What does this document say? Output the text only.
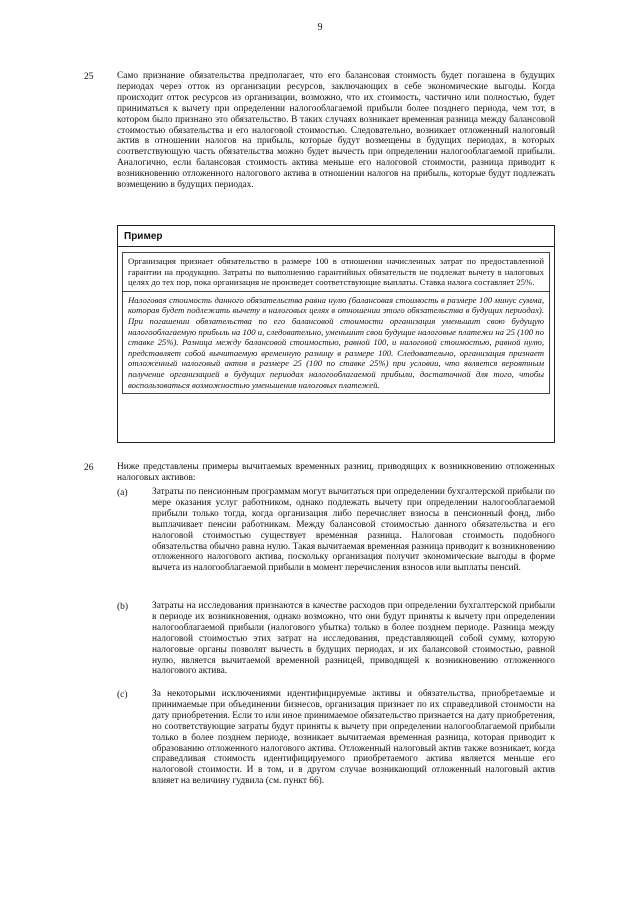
9
25	Само признание обязательства предполагает, что его балансовая стоимость будет погашена в будущих периодах через отток из организации ресурсов, заключающих в себе экономические выгоды. Когда происходит отток ресурсов из организации, возможно, что их стоимость, частично или полностью, будет приниматься к вычету при определении налогооблагаемой прибыли более позднего периода, чем тот, в котором было признано это обязательство. В таких случаях возникает временная разница между балансовой стоимостью обязательства и его налоговой стоимостью. Следовательно, возникает отложенный налоговый актив в отношении налогов на прибыль, которые будут возмещены в будущих периодах, в которых соответствующую часть обязательства можно будет вычесть при определении налогооблагаемой прибыли. Аналогично, если балансовая стоимость актива меньше его налоговой стоимости, разница приводит к возникновению отложенного налогового актива в отношении налогов на прибыль, которые будут подлежать возмещению в будущих периодах.
Пример

Организация признает обязательство в размере 100 в отношении начисленных затрат по предоставленной гарантии на продукцию. Затраты по выполнению гарантийных обязательств не подлежат вычету в налоговых целях до тех пор, пока организация не произведет соответствующие выплаты. Ставка налога составляет 25%.

Налоговая стоимость данного обязательства равна нулю (балансовая стоимость в размере 100 минус сумма, которая будет подлежать вычету в налоговых целях в отношении этого обязательства в будущих периодах). При погашении обязательства по его балансовой стоимости организация уменьшит свою будущую налогооблагаемую прибыль на 100 и, следовательно, уменьшит свои будущие налоговые платежи на 25 (100 по ставке 25%). Разница между балансовой стоимостью, равной 100, и налоговой стоимостью, равной нулю, представляет собой вычитаемую временную разницу в размере 100. Следовательно, организация признает отложенный налоговый актив в размере 25 (100 по ставке 25%) при условии, что является вероятным получение организацией в будущих периодах налогооблагаемой прибыли, достаточной для того, чтобы воспользоваться возможностью уменьшения налоговых платежей.

26	Ниже представлены примеры вычитаемых временных разниц, приводящих к возникновению отложенных налоговых активов:
(a)	Затраты по пенсионным программам могут вычитаться при определении бухгалтерской прибыли по мере оказания услуг работником, однако подлежать вычету при определении налогооблагаемой прибыли только тогда, когда организация либо перечисляет взносы в пенсионный фонд, либо выплачивает пенсии работникам. Между балансовой стоимостью данного обязательства и его налоговой стоимостью существует временная разница. Налоговая стоимость подобного обязательства обычно равна нулю. Такая вычитаемая временная разница приводит к возникновению отложенного налогового актива, поскольку организация получит экономические выгоды в форме вычета из налогооблагаемой прибыли в момент перечисления взносов или выплаты пенсий.
(b)	Затраты на исследования признаются в качестве расходов при определении бухгалтерской прибыли в периоде их возникновения, однако возможно, что они будут приняты к вычету при определении налогооблагаемой прибыли (налогового убытка) только в более позднем периоде. Разница между налоговой стоимостью этих затрат на исследования, представляющей собой сумму, которую налоговые органы позволят вычесть в будущих периодах, и их балансовой стоимостью, равной нулю, является вычитаемой временной разницей, приводящей к возникновению отложенного налогового актива.
(c)	За некоторыми исключениями идентифицируемые активы и обязательства, приобретаемые и принимаемые при объединении бизнесов, организация признает по их справедливой стоимости на дату приобретения. Если то или иное принимаемое обязательство признается на дату приобретения, но соответствующие затраты будут приняты к вычету при определении налогооблагаемой прибыли только в более позднем периоде, возникает вычитаемая временная разница, которая приводит к образованию отложенного налогового актива. Отложенный налоговый актив также возникает, когда справедливая стоимость идентифицируемого приобретаемого актива является меньше его налоговой стоимости. И в том, и в другом случае возникающий отложенный налоговый актив влияет на величину гудвила (см. пункт 66).
